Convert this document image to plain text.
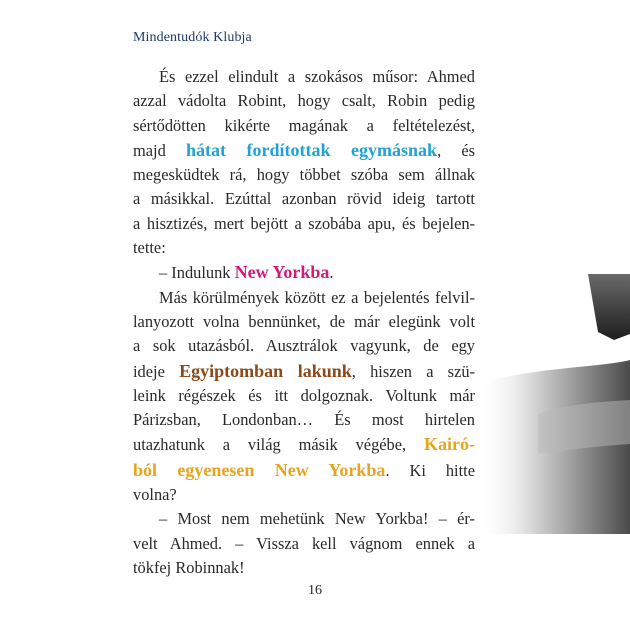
Mindentudók Klubja
És ezzel elindult a szokásos műsor: Ahmed
azzal vádolta Robint, hogy csalt, Robin pedig
sértődötten kikérte magának a feltételezést,
majd hátat fordítottak egymásnak, és
megesküdtek rá, hogy többet szóba sem állnak
a másikkal. Ezúttal azonban rövid ideig tartott
a hisztizés, mert bejött a szobába apu, és bejelen-
tette:
– Indulunk New Yorkba.
Más körülmények között ez a bejelentés felvil-
lanyozott volna bennünket, de már elegünk volt
a sok utazásból. Ausztrálok vagyunk, de egy
ideje Egyiptomban lakunk, hiszen a szü-
leink régészek és itt dolgoznak. Voltunk már
Párizsban, Londonban… És most hirtelen
utazhatunk a világ másik végébe, Kairó-
ból egyenesen New Yorkba. Ki hitte
volna?
– Most nem mehetünk New Yorkba! – ér-
velt Ahmed. – Vissza kell vágnom ennek a
tökfej Robinnak!
16
